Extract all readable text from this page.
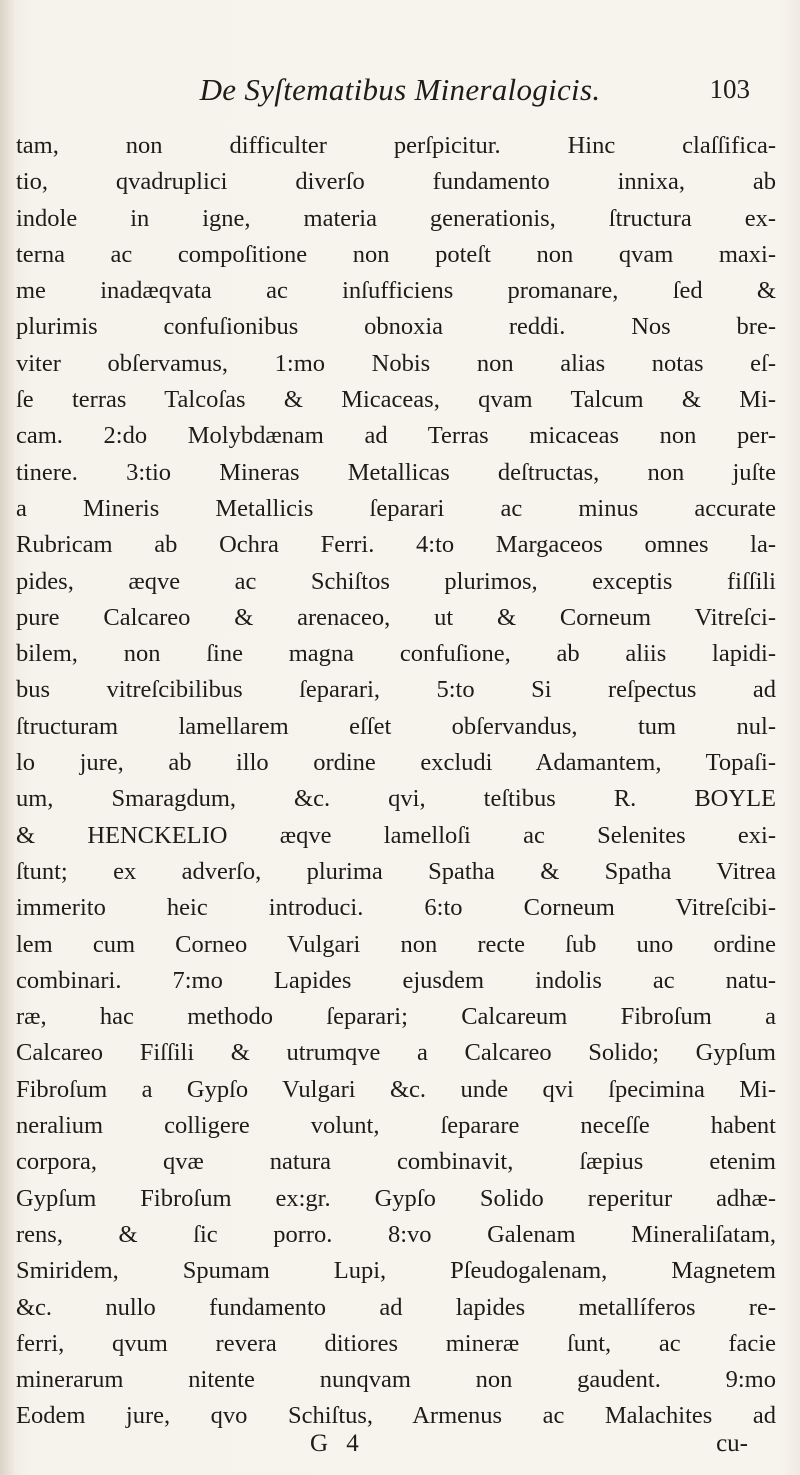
De Syſtematibus Mineralogicis.	103
tam, non difficulter perſpicitur. Hinc claſſifica-
tio, qvadruplici diverſo fundamento innixa, ab
indole in igne, materia generationis, ſtructura ex-
terna ac compoſitione non poteſt non qvam maxi-
me inadæqvata ac inſufficiens promanare, ſed &
plurimis confuſionibus obnoxia reddi. Nos bre-
viter obſervamus, 1:mo Nobis non alias notas eſ-
ſe terras Talcoſas & Micaceas, qvam Talcum & Mi-
cam. 2:do Molybdænam ad Terras micaceas non per-
tinere. 3:tio Mineras Metallicas deſtructas, non juſte
a Mineris Metallicis ſeparari ac minus accurate
Rubricam ab Ochra Ferri. 4:to Margaceos omnes la-
pides, æqve ac Schiſtos plurimos, exceptis fiſſili
pure Calcareo & arenaceo, ut & Corneum Vitreſci-
bilem, non ſine magna confuſione, ab aliis lapidi-
bus vitreſcibilibus ſeparari, 5:to Si reſpectus ad
ſtructuram lamellarem eſſet obſervandus, tum nul-
lo jure, ab illo ordine excludi Adamantem, Topaſi-
um, Smaragdum, &c. qvi, teſtibus R. BOYLE
& HENCKELIO æqve lamelloſi ac Selenites exi-
ſtunt; ex adverſo, plurima Spatha & Spatha Vitrea
immerito heic introduci. 6:to Corneum Vitreſcibi-
lem cum Corneo Vulgari non recte ſub uno ordine
combinari. 7:mo Lapides ejusdem indolis ac natu-
ræ, hac methodo ſeparari; Calcareum Fibroſum a
Calcareo Fiſſili & utrumqve a Calcareo Solido; Gypſum
Fibroſum a Gypſo Vulgari &c. unde qvi ſpecimina Mi-
neralium colligere volunt, ſeparare neceſſe habent
corpora, qvæ natura combinavit, ſæpius etenim
Gypſum Fibroſum ex:gr. Gypſo Solido reperitur adhæ-
rens, & ſic porro. 8:vo Galenam Mineraliſatam,
Smiridem, Spumam Lupi, Pſeudogalenam, Magnetem
&c. nullo fundamento ad lapides metallíferos re-
ferri, qvum revera ditiores mineræ ſunt, ac facie
minerarum nitente nunqvam non gaudent. 9:mo
Eodem jure, qvo Schiſtus, Armenus ac Malachites ad
G 4	cu-
